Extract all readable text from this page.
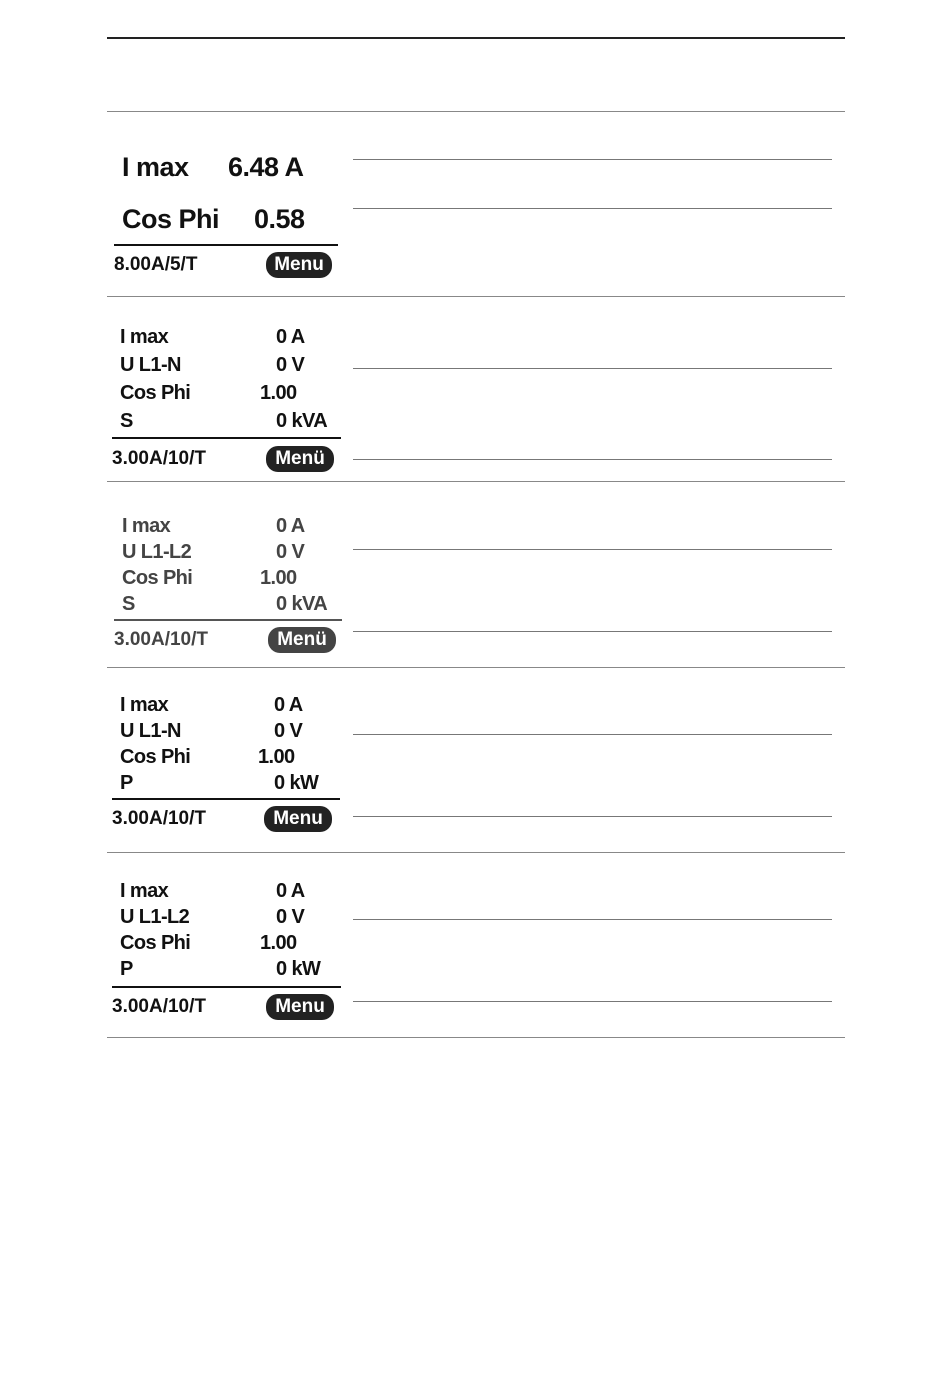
I max 6.48 A
Cos Phi 0.58
8.00A/5/T	Menu
I max	0 A
U L1-N	0 V
Cos Phi	1.00
S	0 kVA
3.00A/10/T	Menü
I max	0 A
U L1-L2	0 V
Cos Phi	1.00
S	0 kVA
3.00A/10/T	Menü
I max	0 A
U L1-N	0 V
Cos Phi	1.00
P	0 kW
3.00A/10/T	Menu
I max	0 A
U L1-L2	0 V
Cos Phi	1.00
P	0 kW
3.00A/10/T	Menu
